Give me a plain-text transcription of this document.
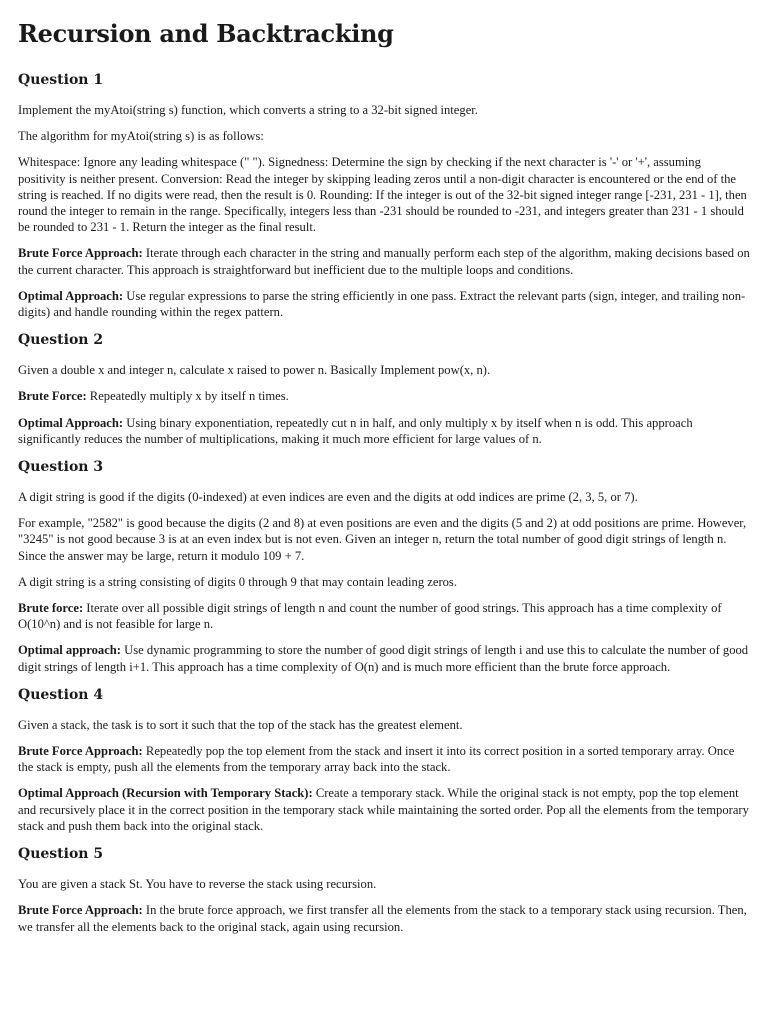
Recursion and Backtracking
Question 1

Implement the myAtoi(string s) function, which converts a string to a 32-bit signed integer.

The algorithm for myAtoi(string s) is as follows:

Whitespace: Ignore any leading whitespace (" "). Signedness: Determine the sign by checking if the next character is '-' or '+', assuming positivity is neither present. Conversion: Read the integer by skipping leading zeros until a non-digit character is encountered or the end of the string is reached. If no digits were read, then the result is 0. Rounding: If the integer is out of the 32-bit signed integer range [-231, 231 - 1], then round the integer to remain in the range. Specifically, integers less than -231 should be rounded to -231, and integers greater than 231 - 1 should be rounded to 231 - 1. Return the integer as the final result.

Brute Force Approach: Iterate through each character in the string and manually perform each step of the algorithm, making decisions based on the current character. This approach is straightforward but inefficient due to the multiple loops and conditions.

Optimal Approach: Use regular expressions to parse the string efficiently in one pass. Extract the relevant parts (sign, integer, and trailing non-digits) and handle rounding within the regex pattern.

Question 2

Given a double x and integer n, calculate x raised to power n. Basically Implement pow(x, n).

Brute Force: Repeatedly multiply x by itself n times.

Optimal Approach: Using binary exponentiation, repeatedly cut n in half, and only multiply x by itself when n is odd. This approach significantly reduces the number of multiplications, making it much more efficient for large values of n.

Question 3

A digit string is good if the digits (0-indexed) at even indices are even and the digits at odd indices are prime (2, 3, 5, or 7).

For example, "2582" is good because the digits (2 and 8) at even positions are even and the digits (5 and 2) at odd positions are prime. However, "3245" is not good because 3 is at an even index but is not even. Given an integer n, return the total number of good digit strings of length n. Since the answer may be large, return it modulo 109 + 7.

A digit string is a string consisting of digits 0 through 9 that may contain leading zeros.

Brute force: Iterate over all possible digit strings of length n and count the number of good strings. This approach has a time complexity of O(10^n) and is not feasible for large n.

Optimal approach: Use dynamic programming to store the number of good digit strings of length i and use this to calculate the number of good digit strings of length i+1. This approach has a time complexity of O(n) and is much more efficient than the brute force approach.

Question 4

Given a stack, the task is to sort it such that the top of the stack has the greatest element.

Brute Force Approach: Repeatedly pop the top element from the stack and insert it into its correct position in a sorted temporary array. Once the stack is empty, push all the elements from the temporary array back into the stack.

Optimal Approach (Recursion with Temporary Stack): Create a temporary stack. While the original stack is not empty, pop the top element and recursively place it in the correct position in the temporary stack while maintaining the sorted order. Pop all the elements from the temporary stack and push them back into the original stack.

Question 5

You are given a stack St. You have to reverse the stack using recursion.

Brute Force Approach: In the brute force approach, we first transfer all the elements from the stack to a temporary stack using recursion. Then, we transfer all the elements back to the original stack, again using recursion.
